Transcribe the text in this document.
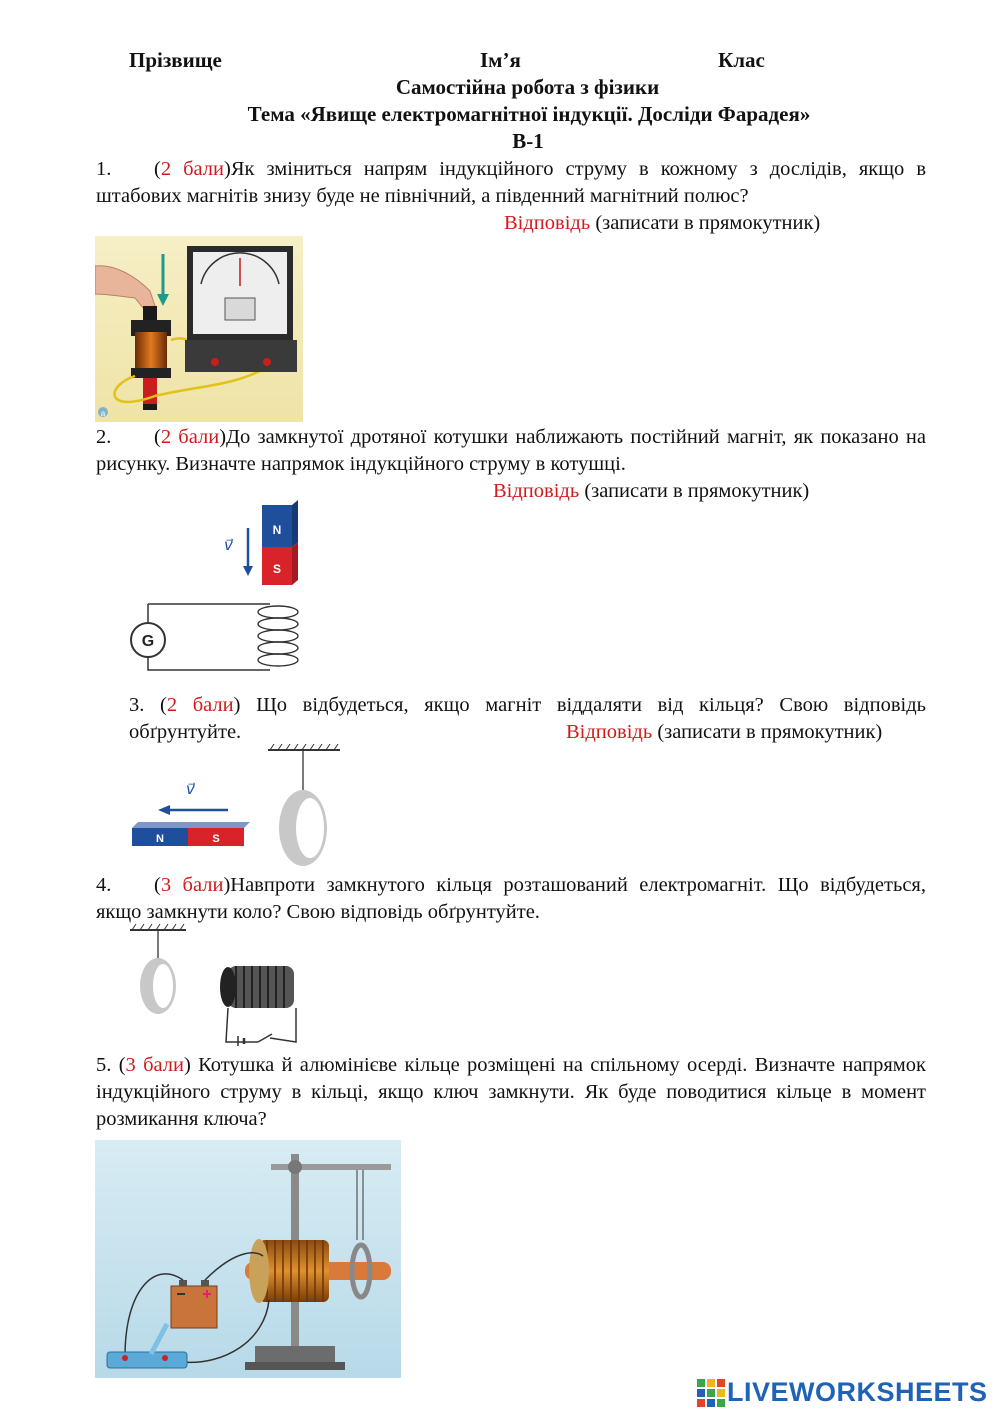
Прізвище	Ім’я	Клас
Самостійна робота з фізики
Тема «Явище електромагнітної індукції. Досліди Фарадея»
В-1
1. (2 бали)Як зміниться напрям індукційного струму в кожному з дослідів, якщо в штабових магнітів знизу буде не північний, а південний магнітний полюс?
Відповідь (записати в прямокутник)
а
2. (2 бали)До замкнутої дротяної котушки наближають постійний магніт, як показано на рисунку. Визначте напрямок індукційного струму в котушці.
Відповідь (записати в прямокутник)
v⃗
N
S
G
3. (2 бали) Що відбудеться, якщо магніт віддаляти від кільця? Свою відповідь обґрунтуйте.	Відповідь (записати в прямокутник)
v⃗
N	S
4. (3 бали)Навпроти замкнутого кільця розташований електромагніт. Що відбудеться, якщо замкнути коло? Свою відповідь обґрунтуйте.
5. (3 бали) Котушка й алюмінієве кільце розміщені на спільному осерді. Визначте напрямок індукційного струму в кільці, якщо ключ замкнути. Як буде поводитися кільце в момент розмикання ключа?
LIVEWORKSHEETS
